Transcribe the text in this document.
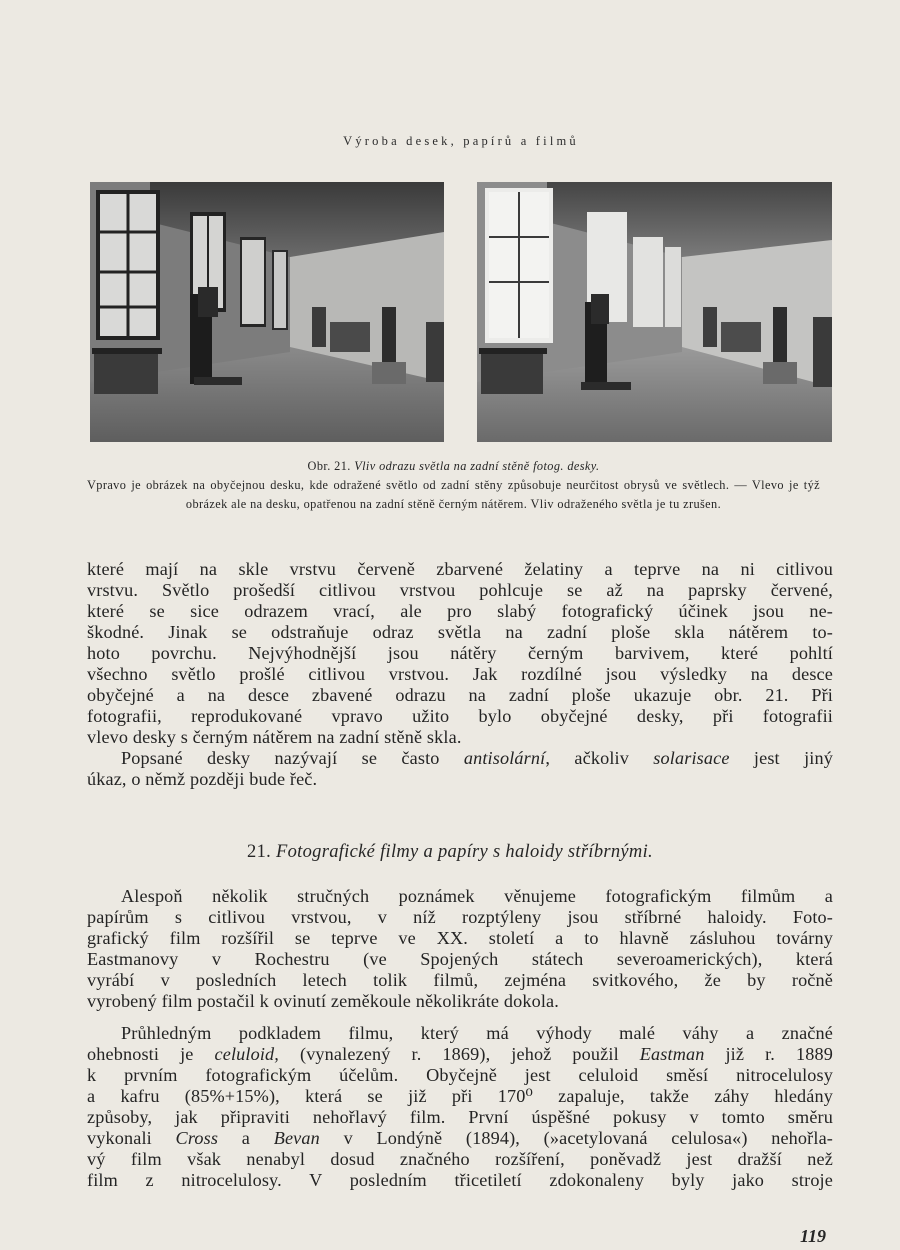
Výroba desek, papírů a filmů

Obr. 21. Vliv odrazu světla na zadní stěně fotog. desky.

Vpravo je obrázek na obyčejnou desku, kde odražené světlo od zadní stěny způsobuje neurčitost obrysů ve světlech. — Vlevo je týž obrázek ale na desku, opatřenou na zadní stěně černým nátěrem. Vliv odraženého světla je tu zrušen.

které mají na skle vrstvu červeně zbarvené želatiny a teprve na ni citlivou
vrstvu. Světlo prošedší citlivou vrstvou pohlcuje se až na paprsky červené,
které se sice odrazem vrací, ale pro slabý fotografický účinek jsou ne-
škodné. Jinak se odstraňuje odraz světla na zadní ploše skla nátěrem to-
hoto povrchu. Nejvýhodnější jsou nátěry černým barvivem, které pohltí
všechno světlo prošlé citlivou vrstvou. Jak rozdílné jsou výsledky na desce
obyčejné a na desce zbavené odrazu na zadní ploše ukazuje obr. 21. Při
fotografii, reprodukované vpravo užito bylo obyčejné desky, při fotografii
vlevo desky s černým nátěrem na zadní stěně skla.
Popsané desky nazývají se často antisolární, ačkoliv solarisace jest jiný
úkaz, o němž později bude řeč.
21. Fotografické filmy a papíry s haloidy stříbrnými.
Alespoň několik stručných poznámek věnujeme fotografickým filmům a
papírům s citlivou vrstvou, v níž rozptýleny jsou stříbrné haloidy. Foto-
grafický film rozšířil se teprve ve XX. století a to hlavně zásluhou továrny
Eastmanovy v Rochestru (ve Spojených státech severoamerických), která
vyrábí v posledních letech tolik filmů, zejména svitkového, že by ročně
vyrobený film postačil k ovinutí zeměkoule několikráte dokola.
Průhledným podkladem filmu, který má výhody malé váhy a značné
ohebnosti je celuloid, (vynalezený r. 1869), jehož použil Eastman již r. 1889
k prvním fotografickým účelům. Obyčejně jest celuloid směsí nitrocelulosy
a kafru (85%+15%), která se již při 170⁰ zapaluje, takže záhy hledány
způsoby, jak připraviti nehořlavý film. První úspěšné pokusy v tomto směru
vykonali Cross a Bevan v Londýně (1894), (»acetylovaná celulosa«) nehořla-
vý film však nenabyl dosud značného rozšíření, poněvadž jest dražší než
film z nitrocelulosy. V posledním třicetiletí zdokonaleny byly jako stroje
119
